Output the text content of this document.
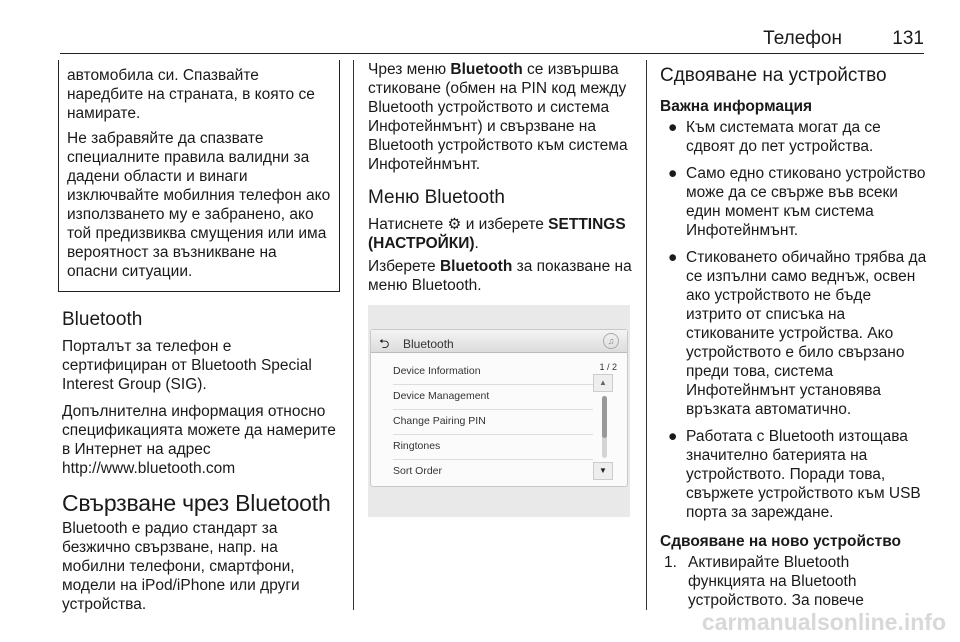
Телефон	131

автомобила си. Спазвайте наредбите на страната, в която се намирате.

Не забравяйте да спазвате специалните правила валидни за дадени области и винаги изключвайте мобилния телефон ако използването му е забранено, ако той предизвиква смущения или има вероятност за възникване на опасни ситуации.

Bluetooth

Порталът за телефон е сертифициран от Bluetooth Special Interest Group (SIG).

Допълнителна информация относно спецификацията можете да намерите в Интернет на адрес http://www.bluetooth.com

Свързване чрез Bluetooth

Bluetooth е радио стандарт за безжично свързване, напр. на мобилни телефони, смартфони, модели на iPod/iPhone или други устройства.

Чрез меню Bluetooth се извършва стиковане (обмен на PIN код между Bluetooth устройството и система Инфотейнмънт) и свързване на Bluetooth устройството към система Инфотейнмънт.

Меню Bluetooth

Натиснете ⚙ и изберете SETTINGS (НАСТРОЙКИ).

Изберете Bluetooth за показване на меню Bluetooth.

⮌ Bluetooth	♫
1 / 2
Device Information
Device Management
Change Pairing PIN
Ringtones
Sort Order
▲
▼
Сдвояване на устройство
Важна информация
● Към системата могат да се сдвоят до пет устройства.
● Само едно стиковано устройство може да се свърже във всеки един момент към система Инфотейнмънт.
● Стиковането обичайно трябва да се изпълни само веднъж, освен ако устройството не бъде изтрито от списъка на стикованите устройства. Ако устройството е било свързано преди това, система Инфотейнмънт установява връзката автоматично.
● Работата с Bluetooth изтощава значително батерията на устройството. Поради това, свържете устройството към USB порта за зареждане.
Сдвояване на ново устройство
1. Активирайте Bluetooth функцията на Bluetooth устройството. За повече
carmanualsonline.info
